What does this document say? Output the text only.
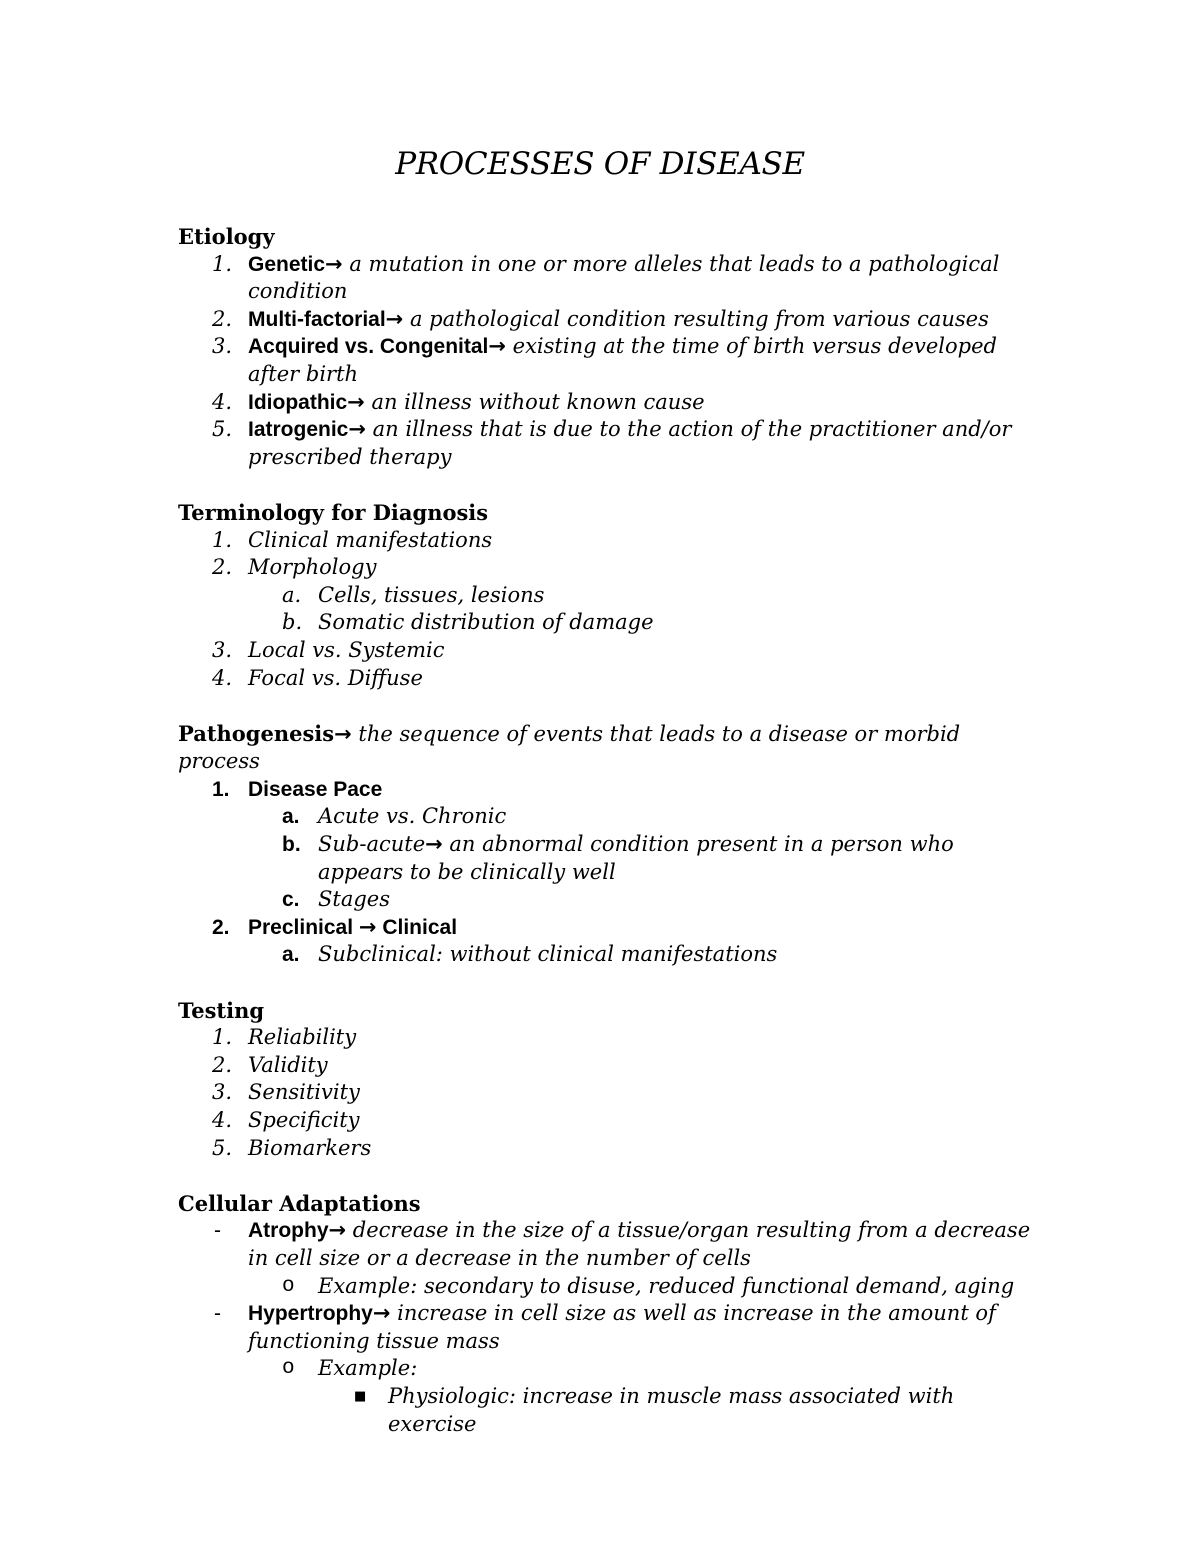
PROCESSES OF DISEASE
Etiology
1. Genetic→ a mutation in one or more alleles that leads to a pathological condition
2. Multi-factorial→ a pathological condition resulting from various causes
3. Acquired vs. Congenital→ existing at the time of birth versus developed after birth
4. Idiopathic→ an illness without known cause
5. Iatrogenic→ an illness that is due to the action of the practitioner and/or prescribed therapy
Terminology for Diagnosis
1. Clinical manifestations
2. Morphology
a. Cells, tissues, lesions
b. Somatic distribution of damage
3. Local vs. Systemic
4. Focal vs. Diffuse
Pathogenesis→ the sequence of events that leads to a disease or morbid process
1. Disease Pace
a. Acute vs. Chronic
b. Sub-acute→ an abnormal condition present in a person who appears to be clinically well
c. Stages
2. Preclinical → Clinical
a. Subclinical: without clinical manifestations
Testing
1. Reliability
2. Validity
3. Sensitivity
4. Specificity
5. Biomarkers
Cellular Adaptations
-	Atrophy→ decrease in the size of a tissue/organ resulting from a decrease in cell size or a decrease in the number of cells
o	Example: secondary to disuse, reduced functional demand, aging
-	Hypertrophy→ increase in cell size as well as increase in the amount of functioning tissue mass
o	Example:
■	Physiologic: increase in muscle mass associated with exercise
